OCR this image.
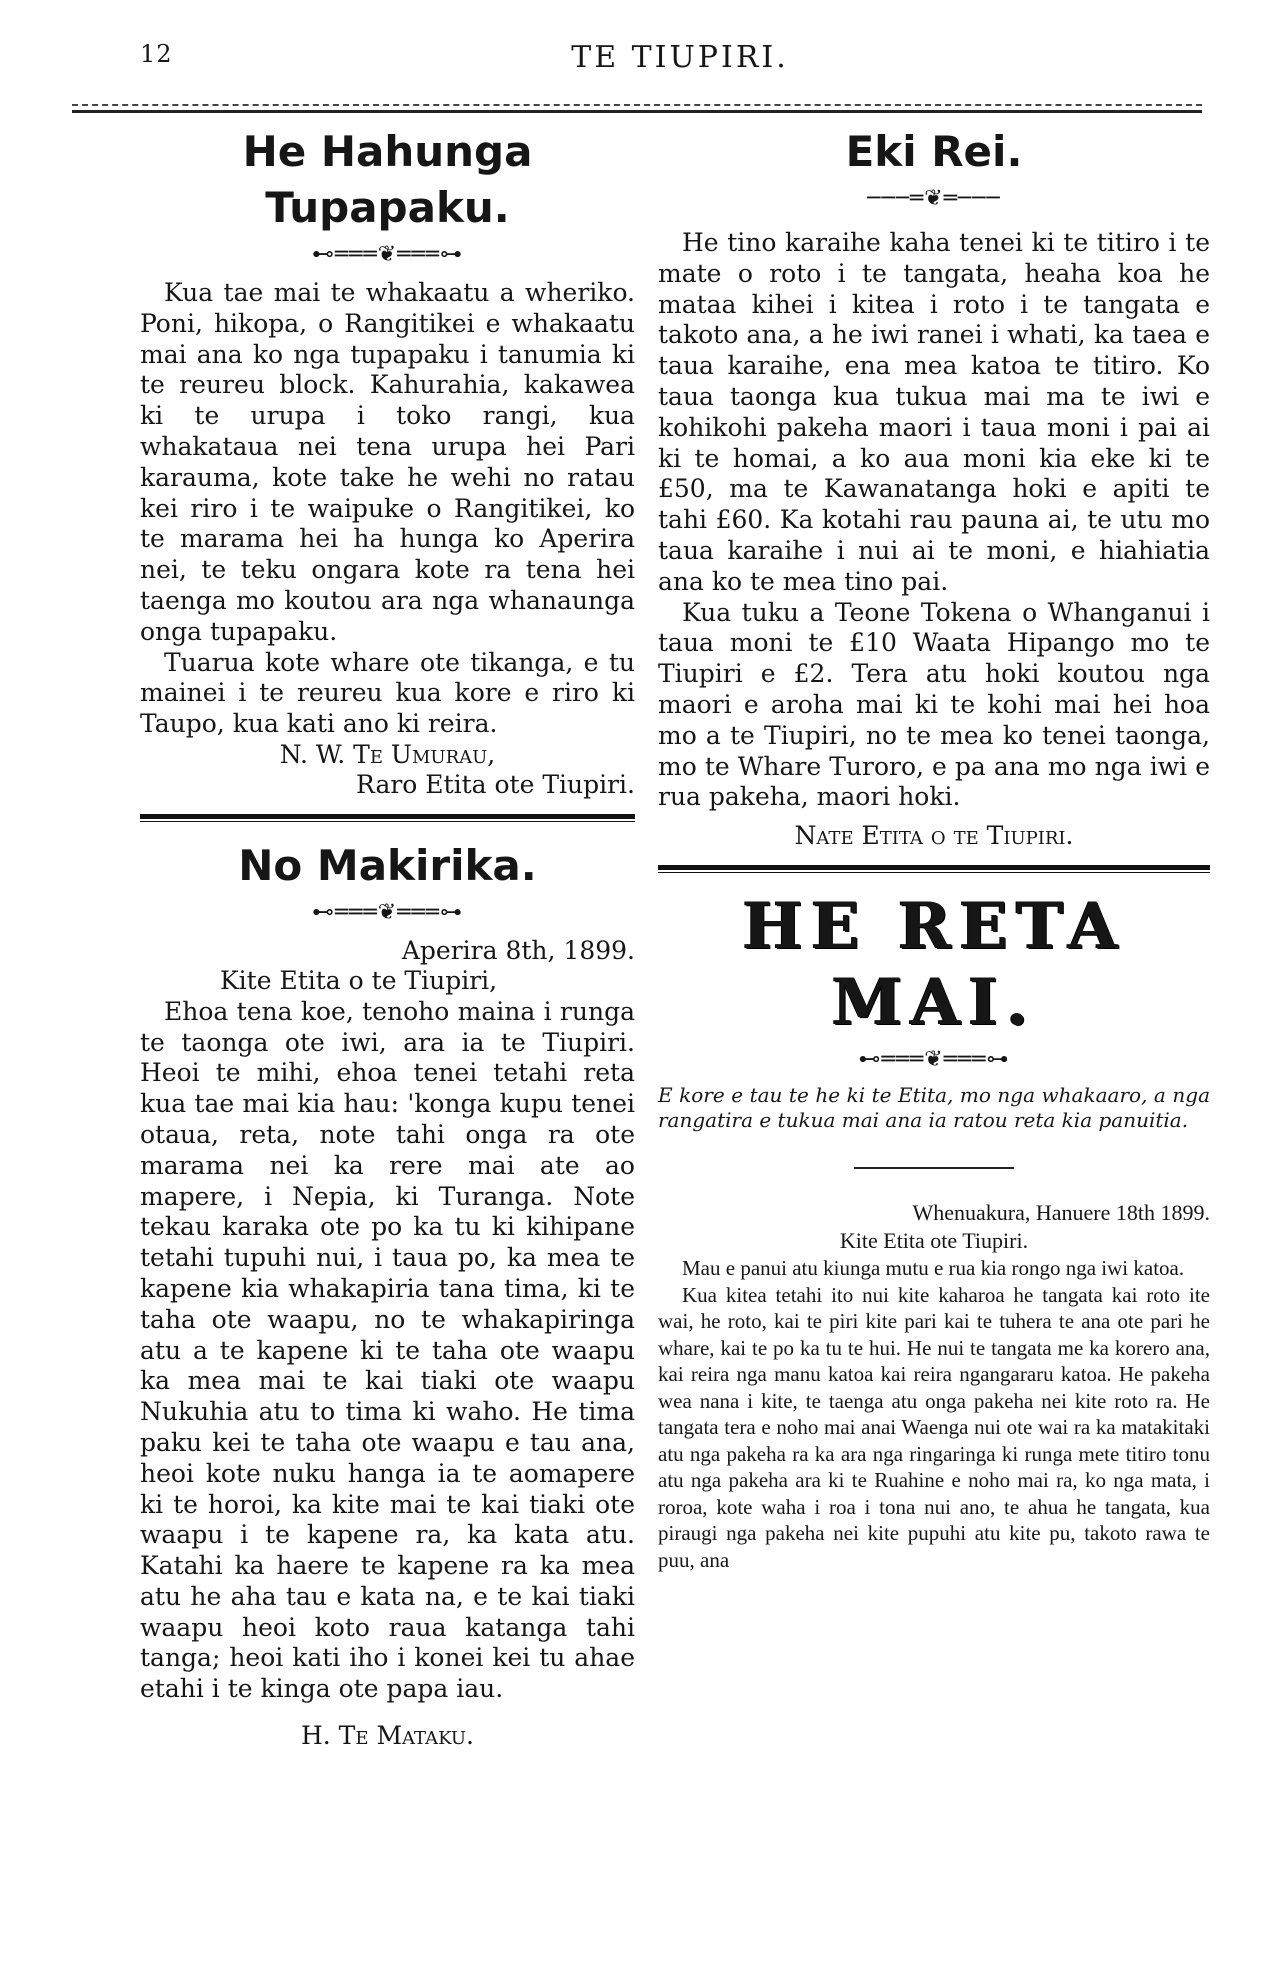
12	TE TIUPIRI.
He Hahunga Tupapaku.
⊷═══❦═══⊶

Kua tae mai te whakaatu a wheriko. Poni, hikopa, o Rangitikei e whakaatu mai ana ko nga tupapaku i tanumia ki te reureu block. Kahurahia, kakawea ki te urupa i toko rangi, kua whakataua nei tena urupa hei Pari karauma, kote take he wehi no ratau kei riro i te waipuke o Rangitikei, ko te marama hei ha hunga ko Aperira nei, te teku ongara kote ra tena hei taenga mo koutou ara nga whanaunga onga tupapaku.

Tuarua kote whare ote tikanga, e tu mainei i te reureu kua kore e riro ki Taupo, kua kati ano ki reira.

N. W. Te Umurau,

Raro Etita ote Tiupiri.

No Makirika.
⊷═══❦═══⊶

Aperira 8th, 1899.

Kite Etita o te Tiupiri,

Ehoa tena koe, tenoho maina i runga te taonga ote iwi, ara ia te Tiupiri. Heoi te mihi, ehoa tenei tetahi reta kua tae mai kia hau: 'konga kupu tenei otaua, reta, note tahi onga ra ote marama nei ka rere mai ate ao mapere, i Nepia, ki Turanga. Note tekau karaka ote po ka tu ki kihipane tetahi tupuhi nui, i taua po, ka mea te kapene kia whakapiria tana tima, ki te taha ote waapu, no te whakapiringa atu a te kapene ki te taha ote waapu ka mea mai te kai tiaki ote waapu Nukuhia atu to tima ki waho. He tima paku kei te taha ote waapu e tau ana, heoi kote nuku hanga ia te aomapere ki te horoi, ka kite mai te kai tiaki ote waapu i te kapene ra, ka kata atu. Katahi ka haere te kapene ra ka mea atu he aha tau e kata na, e te kai tiaki waapu heoi koto raua katanga tahi tanga; heoi kati iho i konei kei tu ahae etahi i te kinga ote papa iau.

H. Te Mataku.

Eki Rei.
───═❦═───

He tino karaihe kaha tenei ki te titiro i te mate o roto i te tangata, heaha koa he mataa kihei i kitea i roto i te tangata e takoto ana, a he iwi ranei i whati, ka taea e taua karaihe, ena mea katoa te titiro. Ko taua taonga kua tukua mai ma te iwi e kohikohi pakeha maori i taua moni i pai ai ki te homai, a ko aua moni kia eke ki te £50, ma te Kawanatanga hoki e apiti te tahi £60. Ka kotahi rau pauna ai, te utu mo taua karaihe i nui ai te moni, e hiahiatia ana ko te mea tino pai.

Kua tuku a Teone Tokena o Whanganui i taua moni te £10 Waata Hipango mo te Tiupiri e £2. Tera atu hoki koutou nga maori e aroha mai ki te kohi mai hei hoa mo a te Tiupiri, no te mea ko tenei taonga, mo te Whare Turoro, e pa ana mo nga iwi e rua pakeha, maori hoki.

Nate Etita o te Tiupiri.

HE RETA MAI.
⊷═══❦═══⊶

E kore e tau te he ki te Etita, mo nga whakaaro, a nga rangatira e tukua mai ana ia ratou reta kia panuitia.

Whenuakura, Hanuere 18th 1899.

Kite Etita ote Tiupiri.

Mau e panui atu kiunga mutu e rua kia rongo nga iwi katoa.

Kua kitea tetahi ito nui kite kaharoa he tangata kai roto ite wai, he roto, kai te piri kite pari kai te tuhera te ana ote pari he whare, kai te po ka tu te hui. He nui te tangata me ka korero ana, kai reira nga manu katoa kai reira ngangararu katoa. He pakeha wea nana i kite, te taenga atu onga pakeha nei kite roto ra. He tangata tera e noho mai anai Waenga nui ote wai ra ka matakitaki atu nga pakeha ra ka ara nga ringaringa ki runga mete titiro tonu atu nga pakeha ara ki te Ruahine e noho mai ra, ko nga mata, i roroa, kote waha i roa i tona nui ano, te ahua he tangata, kua piraugi nga pakeha nei kite pupuhi atu kite pu, takoto rawa te puu, ana
